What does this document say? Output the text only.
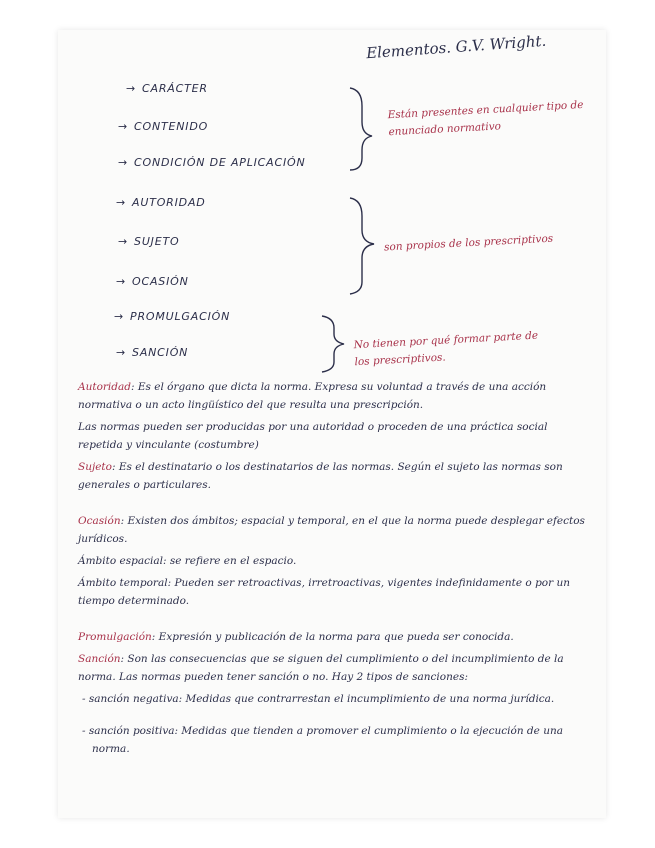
Elementos. G.V. Wright.
→ CARÁCTER
→ CONTENIDO
→ CONDICIÓN DE APLICACIÓN
→ AUTORIDAD
→ SUJETO
→ OCASIÓN
→ PROMULGACIÓN
→ SANCIÓN
Están presentes en cualquier tipo de enunciado normativo
son propios de los prescriptivos
No tienen por qué formar parte de los prescriptivos.

Autoridad: Es el órgano que dicta la norma. Expresa su voluntad a través de una acción normativa o un acto lingüístico del que resulta una prescripción.

Las normas pueden ser producidas por una autoridad o proceden de una práctica social repetida y vinculante (costumbre)

Sujeto: Es el destinatario o los destinatarios de las normas. Según el sujeto las normas son generales o particulares.

Ocasión: Existen dos ámbitos; espacial y temporal, en el que la norma puede desplegar efectos jurídicos.

Ámbito espacial: se refiere en el espacio.

Ámbito temporal: Pueden ser retroactivas, irretroactivas, vigentes indefinidamente o por un tiempo determinado.

Promulgación: Expresión y publicación de la norma para que pueda ser conocida.

Sanción: Son las consecuencias que se siguen del cumplimiento o del incumplimiento de la norma. Las normas pueden tener sanción o no. Hay 2 tipos de sanciones:

- sanción negativa: Medidas que contrarrestan el incumplimiento de una norma jurídica.

- sanción positiva: Medidas que tienden a promover el cumplimiento o la ejecución de una norma.
